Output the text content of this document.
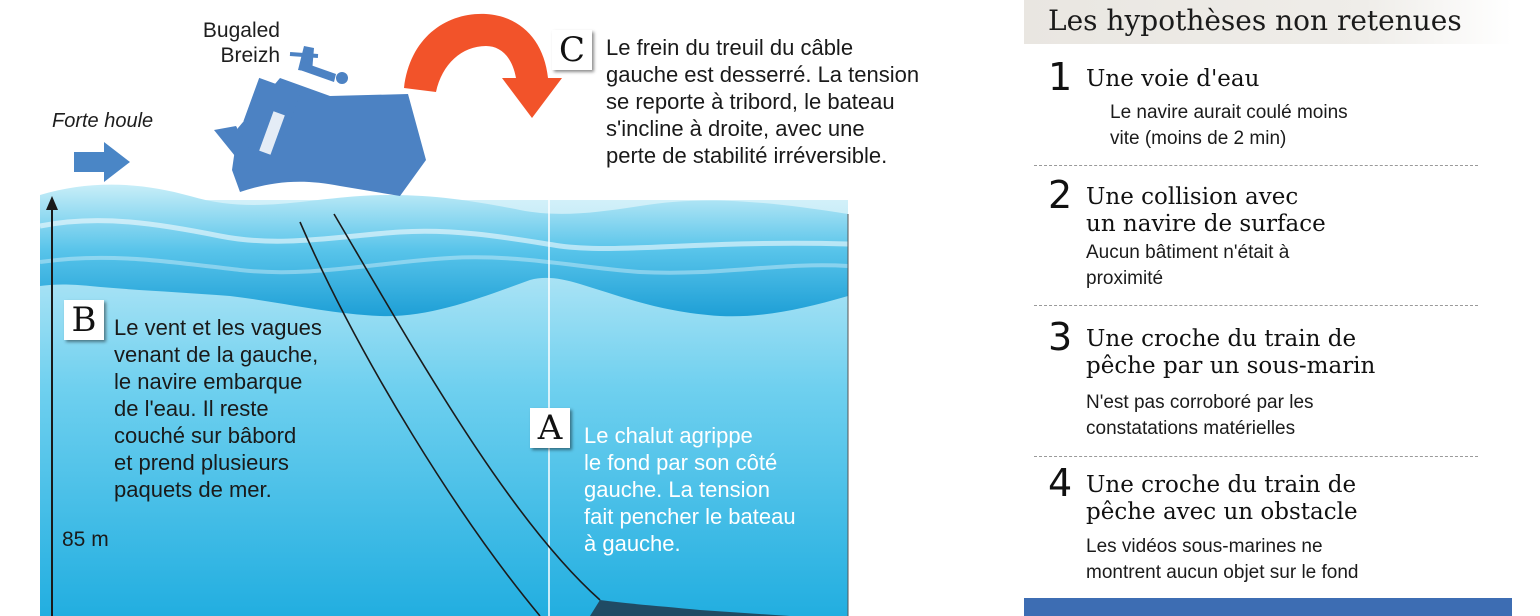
Bugaled
Breizh
Forte houle
C Le frein du treuil du câble
gauche est desserré. La tension
se reporte à tribord, le bateau
s'incline à droite, avec une
perte de stabilité irréversible.
B Le vent et les vagues
venant de la gauche,
le navire embarque
de l'eau. Il reste
couché sur bâbord
et prend plusieurs
paquets de mer.
A Le chalut agrippe
le fond par son côté
gauche. La tension
fait pencher le bateau
à gauche.
85 m
Les hypothèses non retenues
1 Une voie d'eau
Le navire aurait coulé moins
vite (moins de 2 min)
2 Une collision avec
un navire de surface
Aucun bâtiment n'était à
proximité
3 Une croche du train de
pêche par un sous-marin
N'est pas corroboré par les
constatations matérielles
4 Une croche du train de
pêche avec un obstacle
Les vidéos sous-marines ne
montrent aucun objet sur le fond
